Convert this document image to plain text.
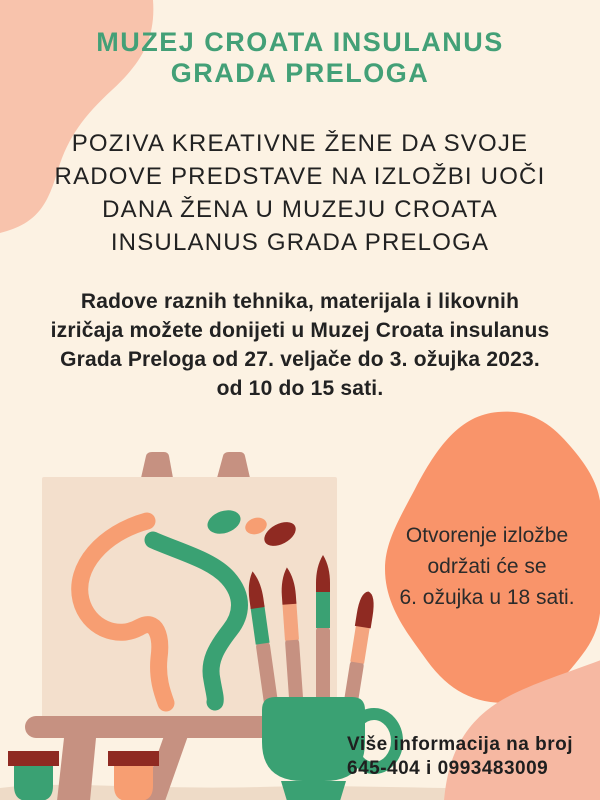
MUZEJ CROATA INSULANUS
GRADA PRELOGA
POZIVA KREATIVNE ŽENE DA SVOJE
RADOVE PREDSTAVE NA IZLOŽBI UOČI
DANA ŽENA U MUZEJU CROATA
INSULANUS GRADA PRELOGA
Radove raznih tehnika, materijala i likovnih
izričaja možete donijeti u Muzej Croata insulanus
Grada Preloga od 27. veljače do 3. ožujka 2023.
od 10 do 15 sati.
Otvorenje izložbe
održati će se
6. ožujka u 18 sati.
Više informacija na broj
645-404 i 0993483009
